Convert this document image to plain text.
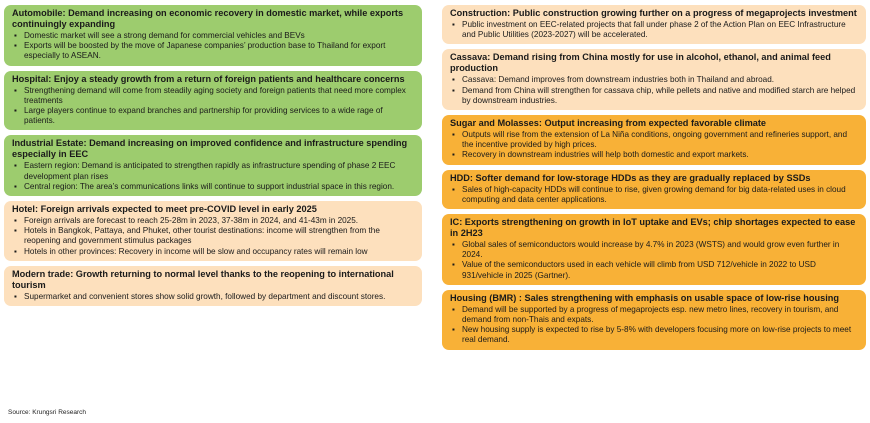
Automobile: Demand increasing on economic recovery in domestic market, while exports continuingly expanding
▪ Domestic market will see a strong demand for commercial vehicles and BEVs
▪ Exports will be boosted by the move of Japanese companies’ production base to Thailand for export especially to ASEAN.
Hospital: Enjoy a steady growth from a return of foreign patients and healthcare concerns
▪ Strengthening demand will come from steadily aging society and foreign patients that need more complex treatments
▪ Large players continue to expand branches and partnership for providing services to a wide rage of patients.
Industrial Estate: Demand increasing on improved confidence and infrastructure spending especially in EEC
▪ Eastern region: Demand is anticipated to strengthen rapidly as infrastructure spending of phase 2 EEC development plan rises
▪ Central region: The area’s communications links will continue to support industrial space in this region.
Hotel: Foreign arrivals expected to meet pre-COVID level in early 2025
▪ Foreign arrivals are forecast to reach 25-28m in 2023, 37-38m in 2024, and 41-43m in 2025.
▪ Hotels in Bangkok, Pattaya, and Phuket, other tourist destinations: income will strengthen from the reopening and government stimulus packages
▪ Hotels in other provinces: Recovery in income will be slow and occupancy rates will remain low
Modern trade: Growth returning to normal level thanks to the reopening to international tourism
▪ Supermarket and convenient stores show solid growth, followed by department and discount stores.
Construction: Public construction growing further on a progress of megaprojects investment
▪ Public investment on EEC-related projects that fall under phase 2 of the Action Plan on EEC Infrastructure and Public Utilities (2023-2027) will be accelerated.
Cassava: Demand rising from China mostly for use in alcohol, ethanol, and animal feed production
▪ Cassava: Demand improves from downstream industries both in Thailand and abroad.
▪ Demand from China will strengthen for cassava chip, while pellets and native and modified starch are helped by downstream industries.
Sugar and Molasses: Output increasing from expected favorable climate
▪ Outputs will rise from the extension of La Niña conditions, ongoing government and refineries support, and the incentive provided by high prices.
▪ Recovery in downstream industries will help both domestic and export markets.
HDD: Softer demand for low-storage HDDs as they are gradually replaced by SSDs
▪ Sales of high-capacity HDDs will continue to rise, given growing demand for big data-related uses in cloud computing and data center applications.
IC: Exports strengthening on growth in IoT uptake and EVs; chip shortages expected to ease in 2H23
▪ Global sales of semiconductors would increase by 4.7% in 2023 (WSTS) and would grow even further in 2024.
▪ Value of the semiconductors used in each vehicle will climb from USD 712/vehicle in 2022 to USD 931/vehicle in 2025 (Gartner).
Housing (BMR) : Sales strengthening with emphasis on usable space of low-rise housing
▪ Demand will be supported by a progress of megaprojects esp. new metro lines, recovery in tourism, and demand from non-Thais and expats.
▪ New housing supply is expected to rise by 5-8% with developers focusing more on low-rise projects to meet real demand.
Source: Krungsri Research
